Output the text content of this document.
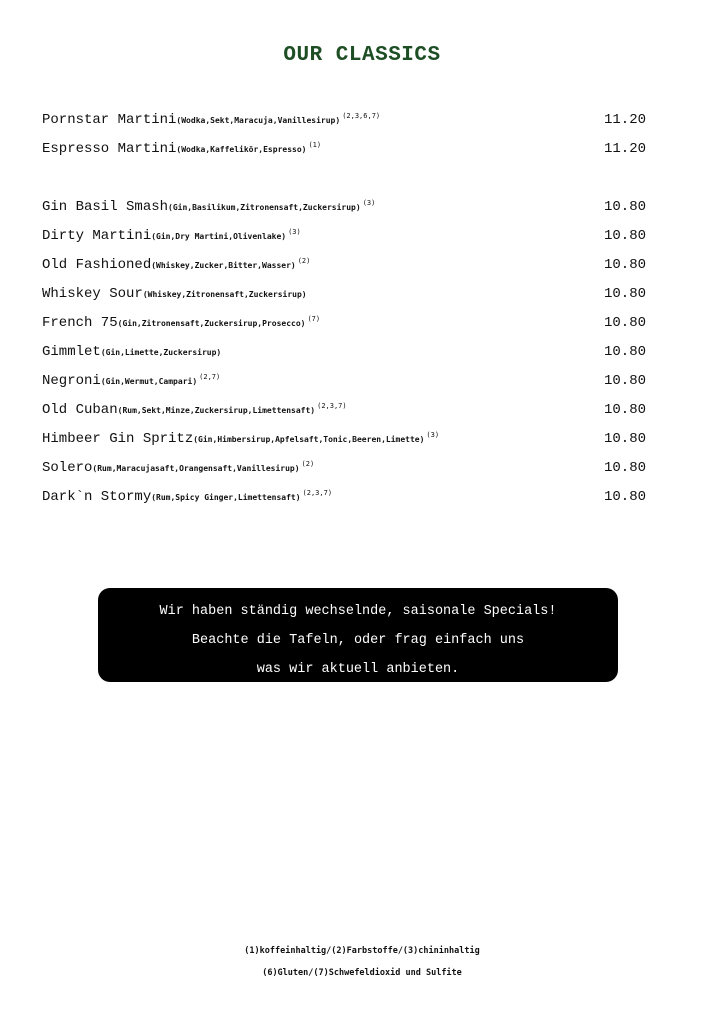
OUR CLASSICS
Pornstar Martini (Wodka,Sekt,Maracuja,Vanillesirup) (2,3,6,7)	11.20
Espresso Martini (Wodka,Kaffelikör,Espresso) (1)	11.20
Gin Basil Smash (Gin,Basilikum,Zitronensaft,Zuckersirup) (3)	10.80
Dirty Martini (Gin,Dry Martini,Olivenlake) (3)	10.80
Old Fashioned (Whiskey,Zucker,Bitter,Wasser) (2)	10.80
Whiskey Sour (Whiskey,Zitronensaft,Zuckersirup)	10.80
French 75 (Gin,Zitronensaft,Zuckersirup,Prosecco) (7)	10.80
Gimmlet (Gin,Limette,Zuckersirup)	10.80
Negroni (Gin,Wermut,Campari) (2,7)	10.80
Old Cuban (Rum,Sekt,Minze,Zuckersirup,Limettensaft) (2,3,7)	10.80
Himbeer Gin Spritz (Gin,Himbersirup,Apfelsaft,Tonic,Beeren,Limette) (3)	10.80
Solero (Rum,Maracujasaft,Orangensaft,Vanillesirup) (2)	10.80
Dark`n Stormy (Rum,Spicy Ginger,Limettensaft) (2,3,7)	10.80
Wir haben ständig wechselnde, saisonale Specials!
Beachte die Tafeln, oder frag einfach uns
was wir aktuell anbieten.
(1)koffeinhaltig/(2)Farbstoffe/(3)chininhaltig
(6)Gluten/(7)Schwefeldioxid und Sulfite
